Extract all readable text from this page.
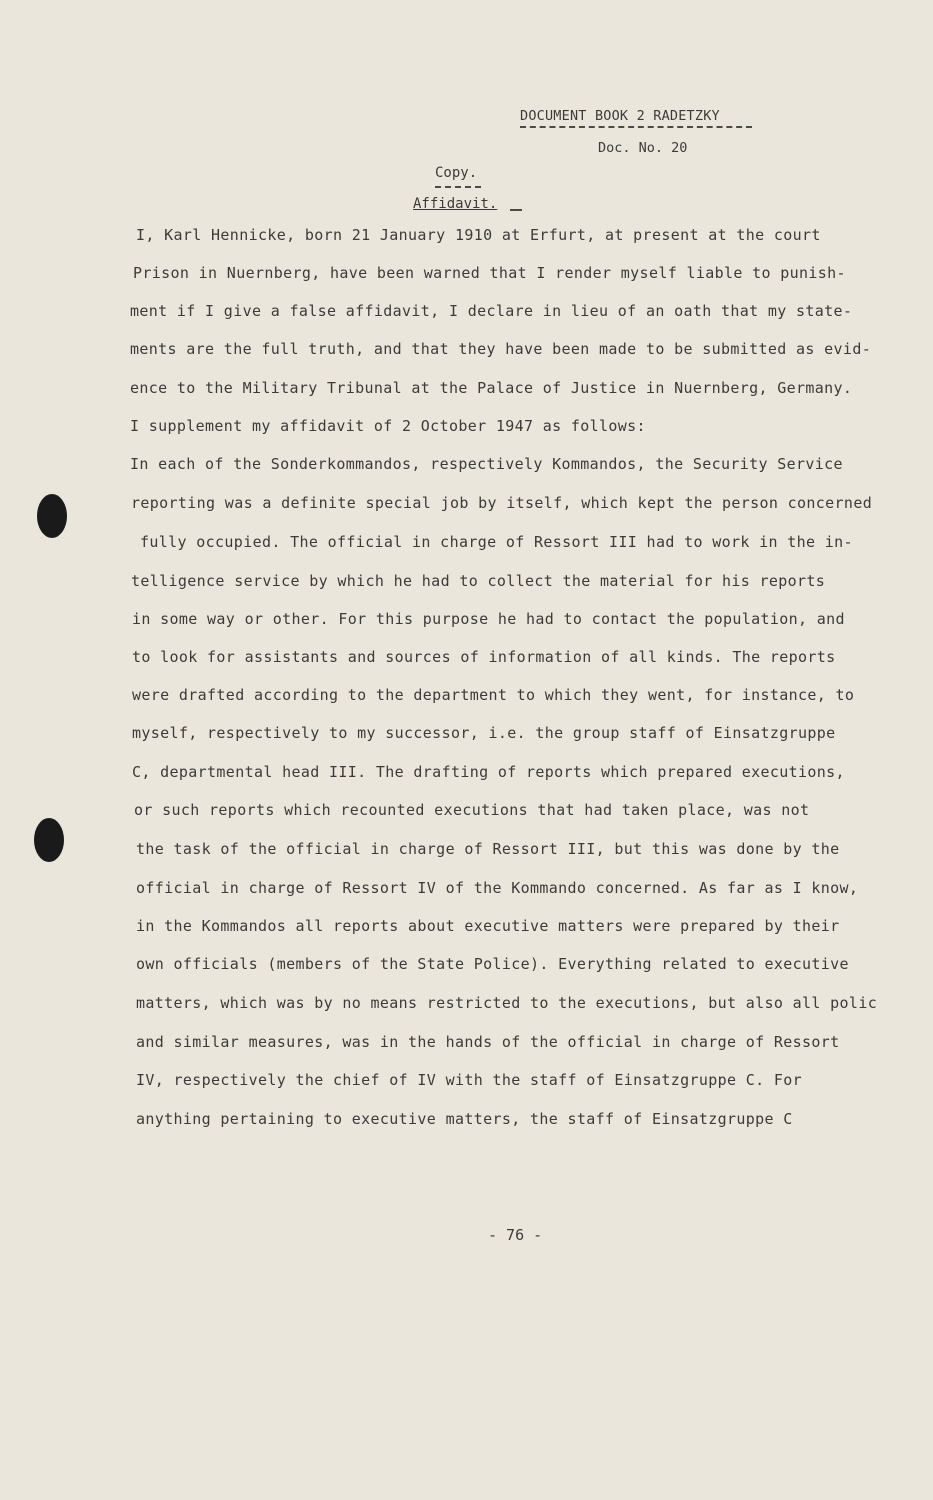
DOCUMENT BOOK 2 RADETZKY
Doc. No. 20
Copy.
Affidavit.
I, Karl Hennicke, born 21 January 1910 at Erfurt, at present at the court
Prison in Nuernberg, have been warned that I render myself liable to punish-
ment if I give a false affidavit, I declare in lieu of an oath that my state-
ments are the full truth, and that they have been made to be submitted as evid-
ence to the Military Tribunal at the Palace of Justice in Nuernberg, Germany.
I supplement my affidavit of 2 October 1947 as follows:
In each of the Sonderkommandos, respectively Kommandos, the Security Service
reporting was a definite special job by itself, which kept the person concerned
fully occupied. The official in charge of Ressort III had to work in the in-
telligence service by which he had to collect the material for his reports
in some way or other. For this purpose he had to contact the population, and
to look for assistants and sources of information of all kinds. The reports
were drafted according to the department to which they went, for instance, to
myself, respectively to my successor, i.e. the group staff of Einsatzgruppe
C, departmental head III. The drafting of reports which prepared executions,
or such reports which recounted executions that had taken place, was not
the task of the official in charge of Ressort III, but this was done by the
official in charge of Ressort IV of the Kommando concerned. As far as I know,
in the Kommandos all reports about executive matters were prepared by their
own officials (members of the State Police). Everything related to executive
matters, which was by no means restricted to the executions, but also all polic
and similar measures, was in the hands of the official in charge of Ressort
IV, respectively the chief of IV with the staff of Einsatzgruppe C. For
anything pertaining to executive matters, the staff of Einsatzgruppe C
- 76 -
